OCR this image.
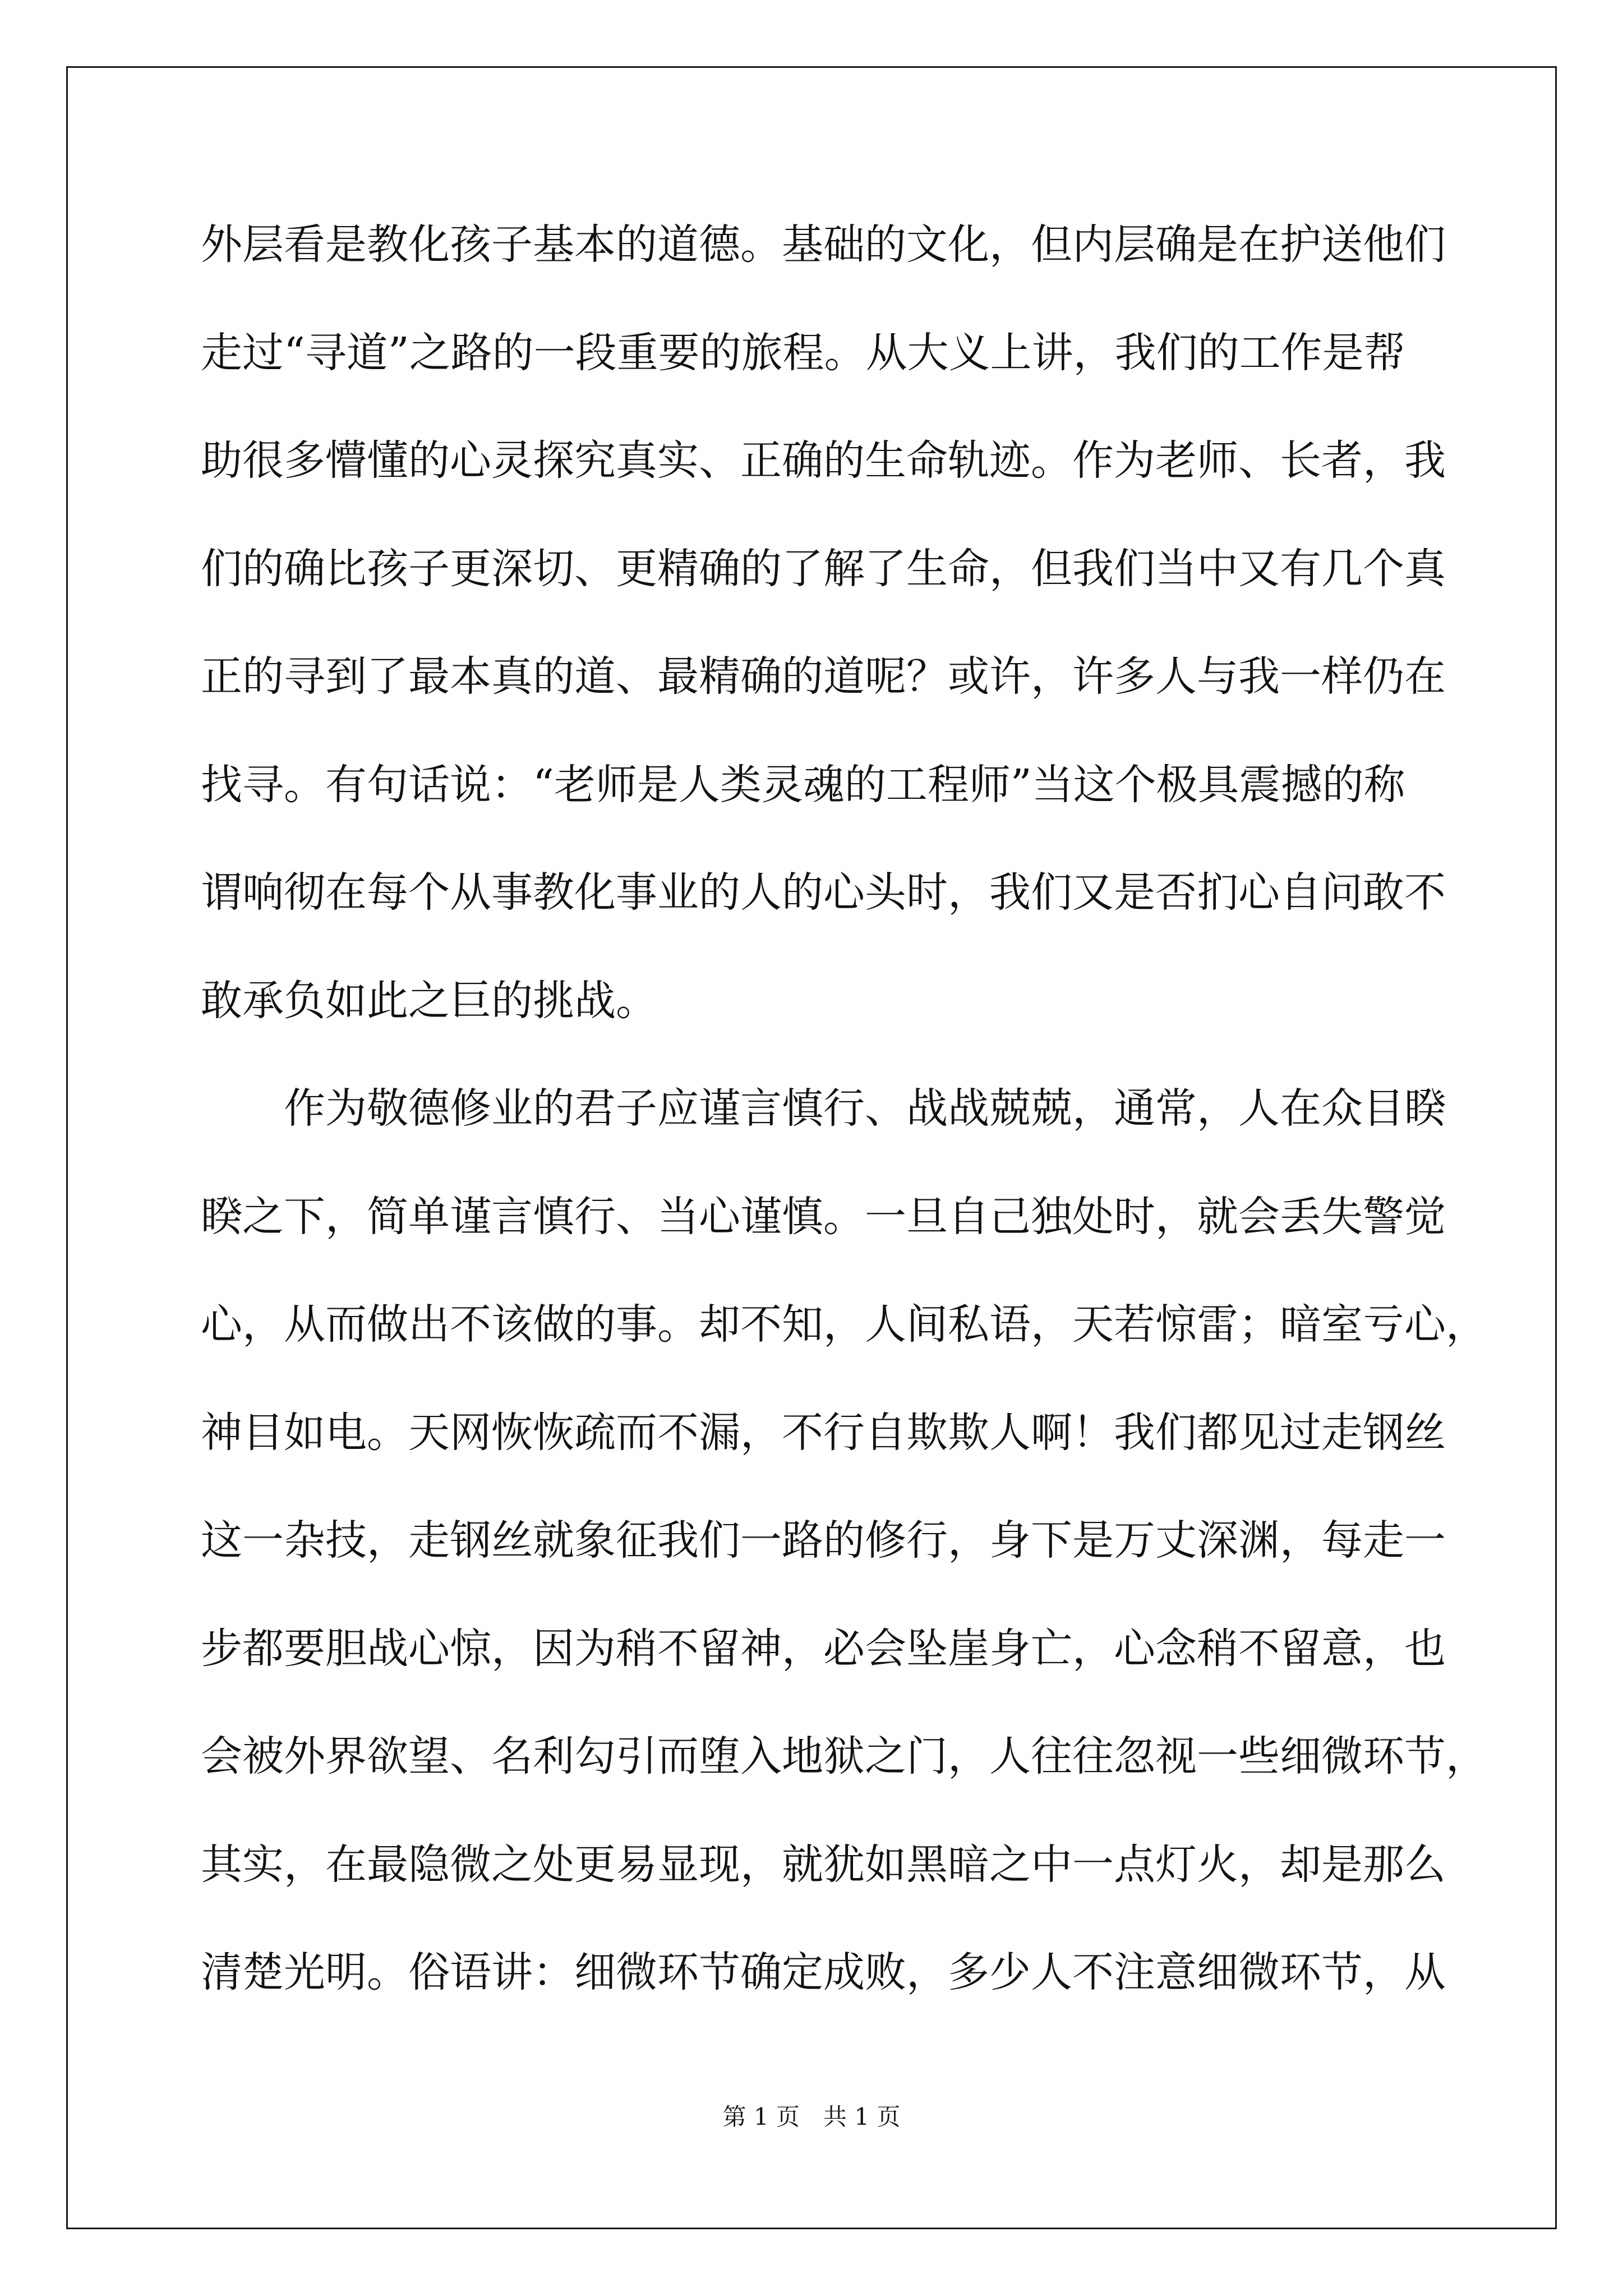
外层看是教化孩子基本的道德。基础的文化，但内层确是在护送他们
走过“寻道”之路的一段重要的旅程。从大义上讲，我们的工作是帮
助很多懵懂的心灵探究真实、正确的生命轨迹。作为老师、长者，我
们的确比孩子更深切、更精确的了解了生命，但我们当中又有几个真
正的寻到了最本真的道、最精确的道呢？或许，许多人与我一样仍在
找寻。有句话说：“老师是人类灵魂的工程师”当这个极具震撼的称
谓响彻在每个从事教化事业的人的心头时，我们又是否扪心自问敢不
敢承负如此之巨的挑战。
作为敬德修业的君子应谨言慎行、战战兢兢，通常，人在众目睽
睽之下，简单谨言慎行、当心谨慎。一旦自己独处时，就会丢失警觉
心，从而做出不该做的事。却不知，人间私语，天若惊雷；暗室亏心，
神目如电。天网恢恢疏而不漏，不行自欺欺人啊！我们都见过走钢丝
这一杂技，走钢丝就象征我们一路的修行，身下是万丈深渊，每走一
步都要胆战心惊，因为稍不留神，必会坠崖身亡，心念稍不留意，也
会被外界欲望、名利勾引而堕入地狱之门，人往往忽视一些细微环节，
其实，在最隐微之处更易显现，就犹如黑暗之中一点灯火，却是那么
清楚光明。俗语讲：细微环节确定成败，多少人不注意细微环节，从
第 1 页　共 1 页
